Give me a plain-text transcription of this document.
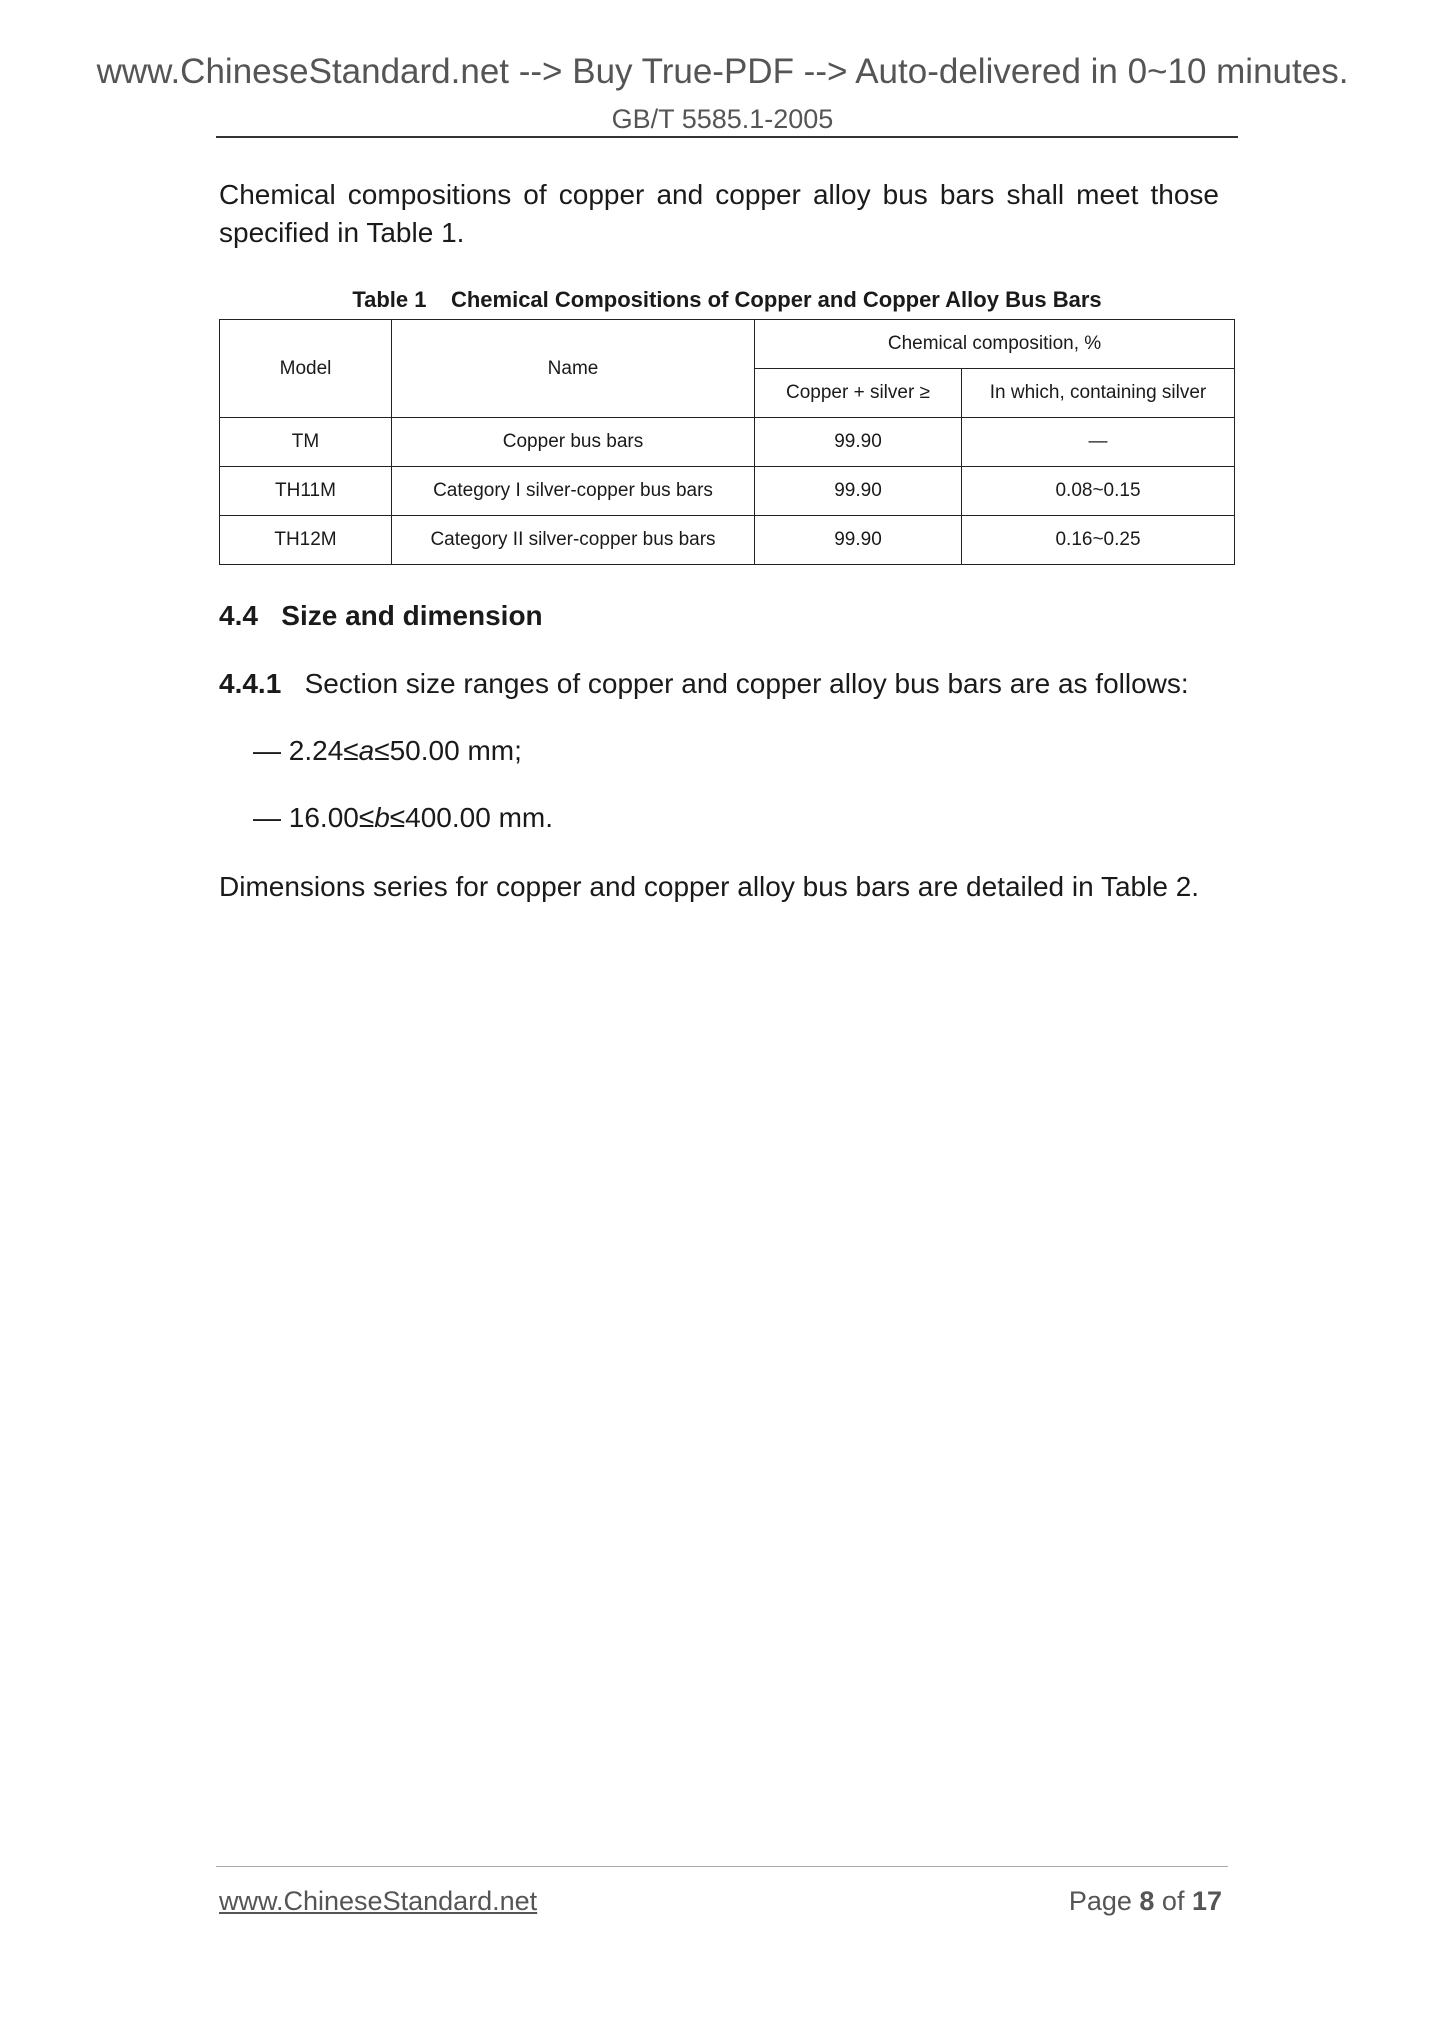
www.ChineseStandard.net --> Buy True-PDF --> Auto-delivered in 0~10 minutes.
GB/T 5585.1-2005
Chemical compositions of copper and copper alloy bus bars shall meet those
specified in Table 1.
Table 1 Chemical Compositions of Copper and Copper Alloy Bus Bars
Model	Name	Chemical composition, %	
		Copper + silver ≥	In which, containing silver
TM	Copper bus bars	99.90	—
TH11M	Category I silver-copper bus bars	99.90	0.08~0.15
TH12M	Category II silver-copper bus bars	99.90	0.16~0.25
4.4 Size and dimension
4.4.1 Section size ranges of copper and copper alloy bus bars are as follows:
— 2.24≤a≤50.00 mm;
— 16.00≤b≤400.00 mm.
Dimensions series for copper and copper alloy bus bars are detailed in Table 2.
www.ChineseStandard.net	Page 8 of 17
